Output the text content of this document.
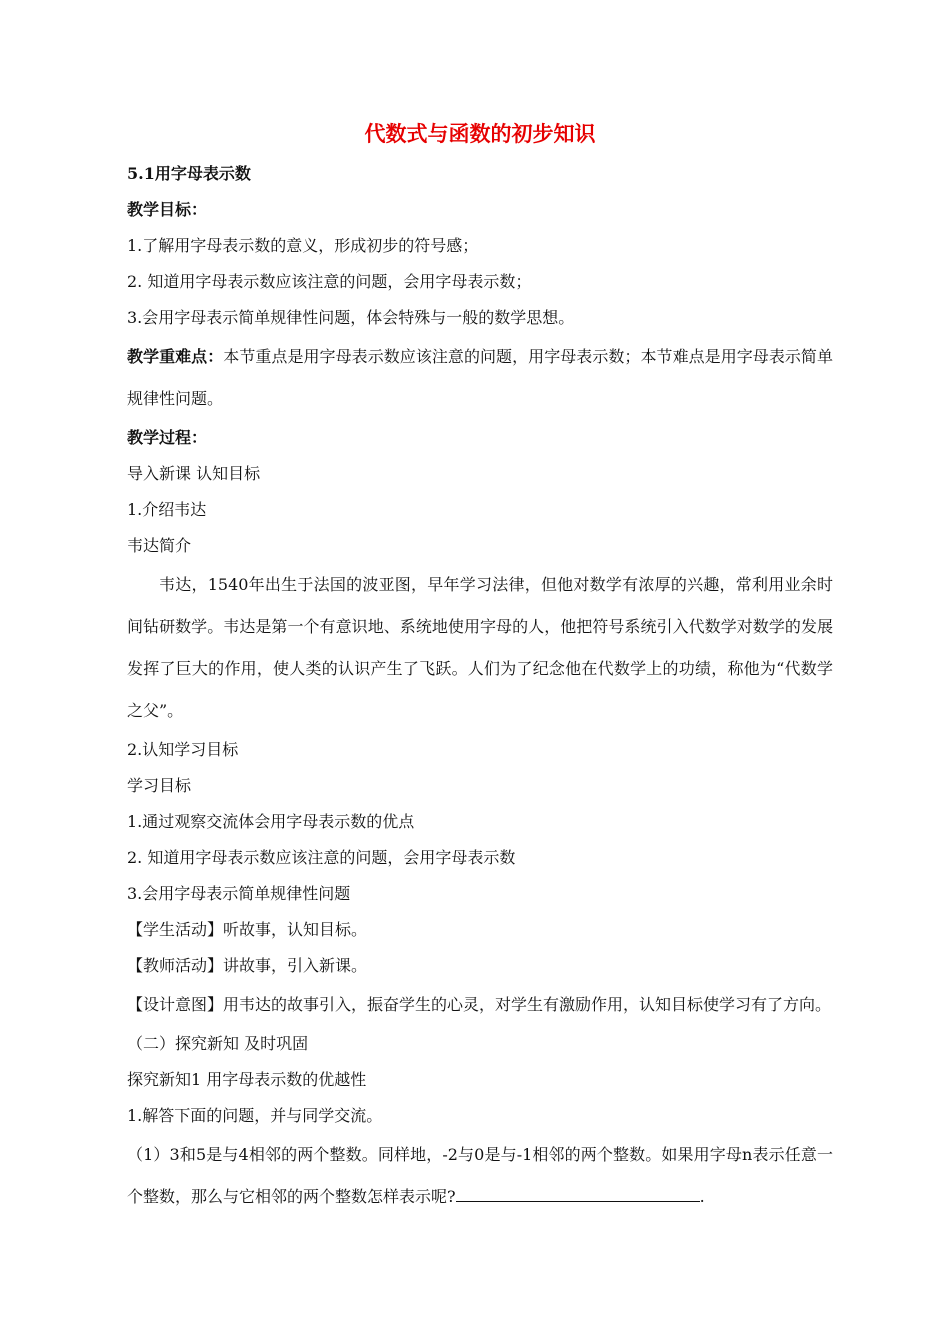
代数式与函数的初步知识
5.1用字母表示数
教学目标：
1.了解用字母表示数的意义，形成初步的符号感；
2. 知道用字母表示数应该注意的问题，会用字母表示数；
3.会用字母表示简单规律性问题，体会特殊与一般的数学思想。
教学重难点：本节重点是用字母表示数应该注意的问题，用字母表示数；本节难点是用字母表示简单规律性问题。
教学过程：
导入新课 认知目标
1.介绍韦达
韦达简介
韦达，1540年出生于法国的波亚图，早年学习法律，但他对数学有浓厚的兴趣，常利用业余时间钻研数学。韦达是第一个有意识地、系统地使用字母的人，他把符号系统引入代数学对数学的发展发挥了巨大的作用，使人类的认识产生了飞跃。人们为了纪念他在代数学上的功绩，称他为“代数学之父”。
2.认知学习目标
学习目标
1.通过观察交流体会用字母表示数的优点
2. 知道用字母表示数应该注意的问题，会用字母表示数
3.会用字母表示简单规律性问题
【学生活动】听故事，认知目标。
【教师活动】讲故事，引入新课。
【设计意图】用韦达的故事引入，振奋学生的心灵，对学生有激励作用，认知目标使学习有了方向。
（二）探究新知 及时巩固
探究新知1 用字母表示数的优越性
1.解答下面的问题，并与同学交流。
（1）3和5是与4相邻的两个整数。同样地，-2与0是与-1相邻的两个整数。如果用字母n表示任意一个整数，那么与它相邻的两个整数怎样表示呢?	.
